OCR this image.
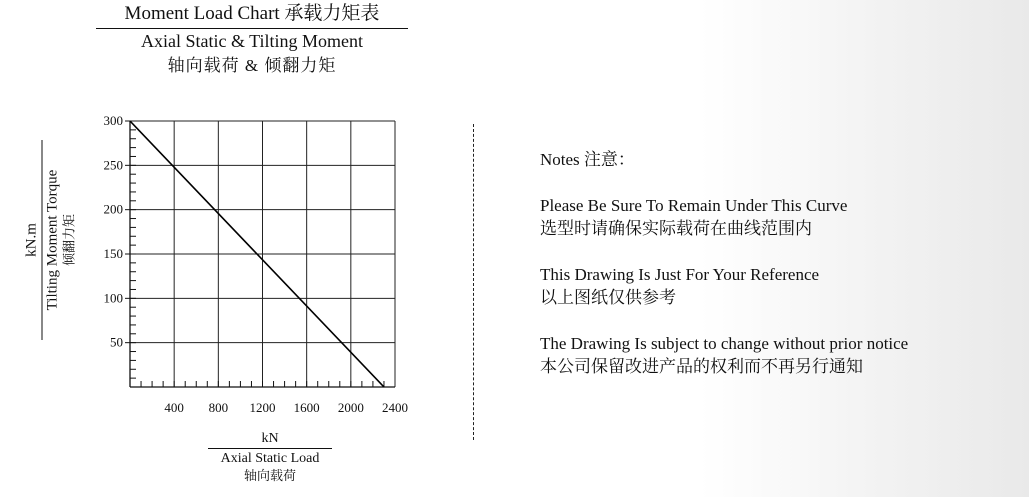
Moment Load Chart 承载力矩表
Axial Static & Tilting Moment
轴向载荷 & 倾翻力矩
kN.m Tilting Moment Torque 倾翻力矩
400 800 1200 1600 2000 2400
50
100
150
200
250
300
kN
Axial Static Load
轴向载荷
Notes 注意：
Please Be Sure To Remain Under This Curve
选型时请确保实际载荷在曲线范围内
This Drawing Is Just For Your Reference
以上图纸仅供参考
The Drawing Is subject to change without prior notice
本公司保留改进产品的权利而不再另行通知
